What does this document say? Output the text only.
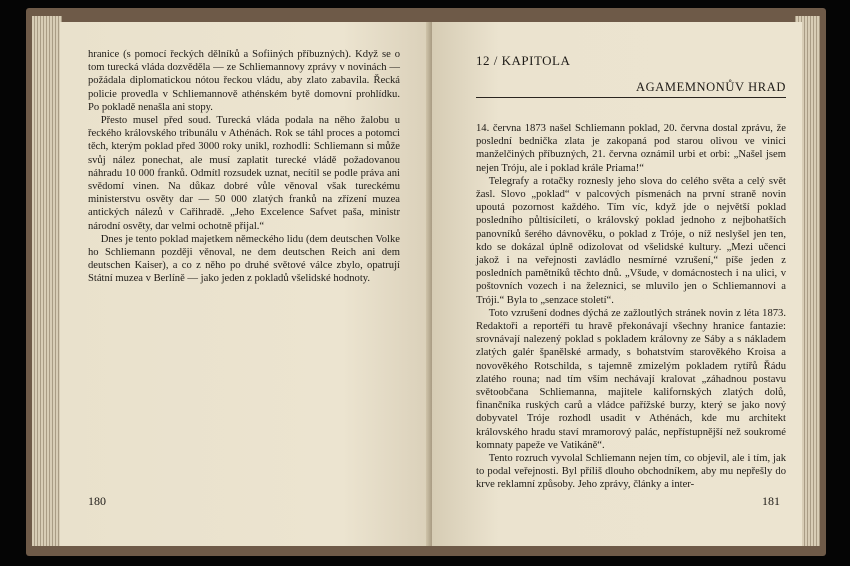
hranice (s pomocí řeckých dělníků a Sofiiných příbuzných). Když se o tom turecká vláda dozvěděla — ze Schliemannovy zprávy v novinách — požádala diplomatickou nótou řeckou vládu, aby zlato zabavila. Řecká policie provedla v Schliemannově athénském bytě domovní prohlídku. Po pokladě nenašla ani stopy.

Přesto musel před soud. Turecká vláda podala na něho žalobu u řeckého královského tribunálu v Athénách. Rok se táhl proces a potomci těch, kterým poklad před 3000 roky unikl, rozhodli: Schliemann si může svůj nález ponechat, ale musí zaplatit turecké vládě požadovanou náhradu 10 000 franků. Odmítl rozsudek uznat, necítil se podle práva ani svědomí vinen. Na důkaz dobré vůle věnoval však tureckému ministerstvu osvěty dar — 50 000 zlatých franků na zřízení muzea antických nálezů v Cařihradě. „Jeho Excelence Safvet paša, ministr národní osvěty, dar velmi ochotně přijal.“

Dnes je tento poklad majetkem německého lidu (dem deutschen Volke ho Schliemann později věnoval, ne dem deutschen Reich ani dem deutschen Kaiser), a co z něho po druhé světové válce zbylo, opatrují Státní muzea v Berlíně — jako jeden z pokladů všelidské hodnoty.

180
12 / KAPITOLA
AGAMEMNONŮV HRAD

14. června 1873 našel Schliemann poklad, 20. června dostal zprávu, že poslední bednička zlata je zakopaná pod starou olivou ve vinici manželčiných příbuzných, 21. června oznámil urbi et orbi: „Našel jsem nejen Tróju, ale i poklad krále Priama!“

Telegrafy a rotačky roznesly jeho slova do celého světa a celý svět žasl. Slovo „poklad“ v palcových písmenách na první straně novin upoutá pozornost každého. Tím víc, když jde o největší poklad posledního půltisíciletí, o královský poklad jednoho z nejbohatších panovníků šerého dávnověku, o poklad z Tróje, o níž neslyšel jen ten, kdo se dokázal úplně odizolovat od všelidské kultury. „Mezi učenci jakož i na veřejnosti zavládlo nesmírné vzrušení,“ píše jeden z posledních pamětníků těchto dnů. „Všude, v domácnostech i na ulici, v poštovních vozech i na železnici, se mluvilo jen o Schliemannovi a Tróji.“ Byla to „senzace století“.

Toto vzrušení dodnes dýchá ze zažloutlých stránek novin z léta 1873. Redaktoři a reportéři tu hravě překonávají všechny hranice fantazie: srovnávají nalezený poklad s pokladem královny ze Sáby a s nákladem zlatých galér španělské armady, s bohatstvím starověkého Kroisa a novověkého Rotschilda, s tajemně zmizelým pokladem rytířů Řádu zlatého rouna; nad tím vším nechávají kralovat „záhadnou postavu světoobčana Schliemanna, majitele kalifornských zlatých dolů, finančníka ruských carů a vládce pařížské burzy, který se jako nový dobyvatel Tróje rozhodl usadit v Athénách, kde mu architekt královského hradu staví mramorový palác, nepřístupnější než soukromé komnaty papeže ve Vatikáně“.

Tento rozruch vyvolal Schliemann nejen tím, co objevil, ale i tím, jak to podal veřejnosti. Byl příliš dlouho obchodníkem, aby mu nepřešly do krve reklamní způsoby. Jeho zprávy, články a inter-

181
